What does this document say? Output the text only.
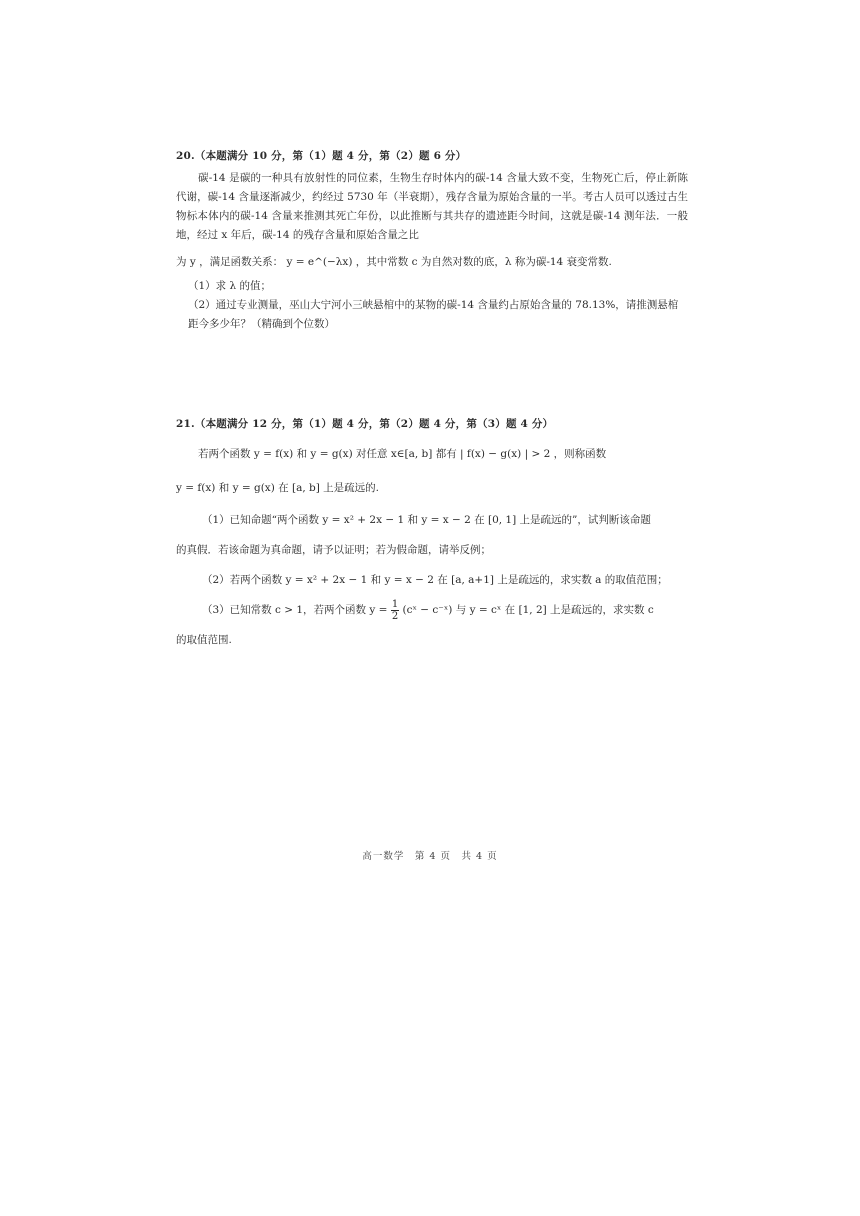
20.（本题满分 10 分，第（1）题 4 分，第（2）题 6 分）

碳-14 是碳的一种具有放射性的同位素，生物生存时体内的碳-14 含量大致不变，生物死亡后，停止新陈代谢，碳-14 含量逐渐减少，约经过 5730 年（半衰期），残存含量为原始含量的一半。考古人员可以透过古生物标本体内的碳-14 含量来推测其死亡年份，以此推断与其共存的遗迹距今时间，这就是碳-14 测年法．一般地，经过 x 年后，碳-14 的残存含量和原始含量之比

为 y ，满足函数关系： y = e^(−λx) ，其中常数 c 为自然对数的底，λ 称为碳-14 衰变常数.

（1）求 λ 的值；

（2）通过专业测量，巫山大宁河小三峡悬棺中的某物的碳-14 含量约占原始含量的 78.13%，请推测悬棺距今多少年？（精确到个位数）

21.（本题满分 12 分，第（1）题 4 分，第（2）题 4 分，第（3）题 4 分）

若两个函数 y = f(x) 和 y = g(x) 对任意 x∈[a, b] 都有 | f(x) − g(x) | > 2 ，则称函数

y = f(x) 和 y = g(x) 在 [a, b] 上是疏远的.

（1）已知命题“两个函数 y = x² + 2x − 1 和 y = x − 2 在 [0, 1] 上是疏远的”，试判断该命题

的真假．若该命题为真命题，请予以证明；若为假命题，请举反例；

（2）若两个函数 y = x² + 2x − 1 和 y = x − 2 在 [a, a+1] 上是疏远的，求实数 a 的取值范围；

（3）已知常数 c > 1，若两个函数 $y = \frac{1}{2}$ (cˣ − c⁻ˣ) 与 y = cˣ 在 [1, 2] 上是疏远的，求实数 c

的取值范围.

高一数学　第 4 页　共 4 页
